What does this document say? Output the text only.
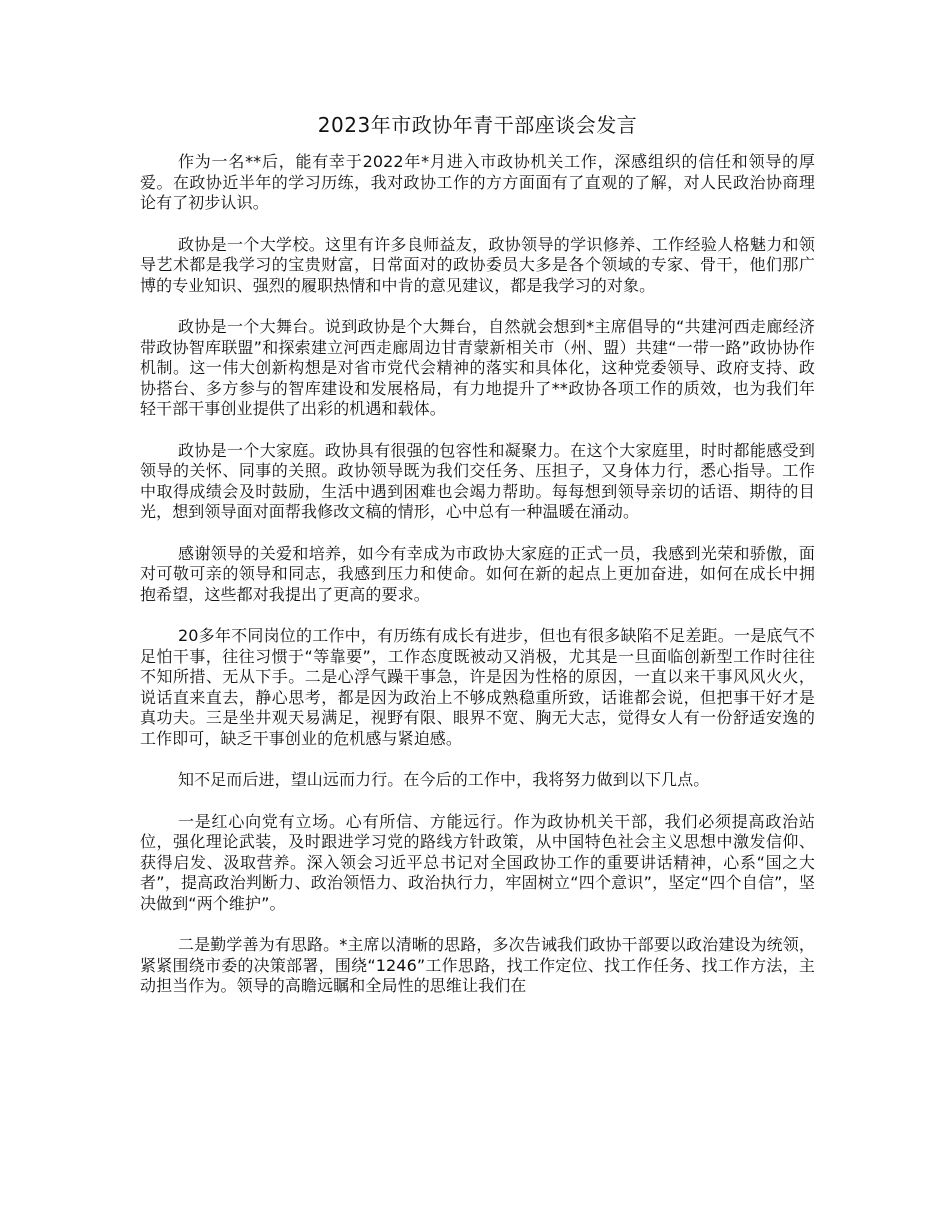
2023年市政协年青干部座谈会发言

作为一名**后，能有幸于2022年*月进入市政协机关工作，深感组织的信任和领导的厚爱。在政协近半年的学习历练，我对政协工作的方方面面有了直观的了解，对人民政治协商理论有了初步认识。

政协是一个大学校。这里有许多良师益友，政协领导的学识修养、工作经验人格魅力和领导艺术都是我学习的宝贵财富，日常面对的政协委员大多是各个领域的专家、骨干，他们那广博的专业知识、强烈的履职热情和中肯的意见建议，都是我学习的对象。

政协是一个大舞台。说到政协是个大舞台，自然就会想到*主席倡导的“共建河西走廊经济带政协智库联盟”和探索建立河西走廊周边甘青蒙新相关市（州、盟）共建“一带一路”政协协作机制。这一伟大创新构想是对省市党代会精神的落实和具体化，这种党委领导、政府支持、政协搭台、多方参与的智库建设和发展格局，有力地提升了**政协各项工作的质效，也为我们年轻干部干事创业提供了出彩的机遇和载体。

政协是一个大家庭。政协具有很强的包容性和凝聚力。在这个大家庭里，时时都能感受到领导的关怀、同事的关照。政协领导既为我们交任务、压担子，又身体力行，悉心指导。工作中取得成绩会及时鼓励，生活中遇到困难也会竭力帮助。每每想到领导亲切的话语、期待的目光，想到领导面对面帮我修改文稿的情形，心中总有一种温暖在涌动。

感谢领导的关爱和培养，如今有幸成为市政协大家庭的正式一员，我感到光荣和骄傲，面对可敬可亲的领导和同志，我感到压力和使命。如何在新的起点上更加奋进，如何在成长中拥抱希望，这些都对我提出了更高的要求。

20多年不同岗位的工作中，有历练有成长有进步，但也有很多缺陷不足差距。一是底气不足怕干事，往往习惯于“等靠要”，工作态度既被动又消极，尤其是一旦面临创新型工作时往往不知所措、无从下手。二是心浮气躁干事急，许是因为性格的原因，一直以来干事风风火火，说话直来直去，静心思考，都是因为政治上不够成熟稳重所致，话谁都会说，但把事干好才是真功夫。三是坐井观天易满足，视野有限、眼界不宽、胸无大志，觉得女人有一份舒适安逸的工作即可，缺乏干事创业的危机感与紧迫感。

知不足而后进，望山远而力行。在今后的工作中，我将努力做到以下几点。

一是红心向党有立场。心有所信、方能远行。作为政协机关干部，我们必须提高政治站位，强化理论武装，及时跟进学习党的路线方针政策，从中国特色社会主义思想中激发信仰、获得启发、汲取营养。深入领会习近平总书记对全国政协工作的重要讲话精神，心系“国之大者”，提高政治判断力、政治领悟力、政治执行力，牢固树立“四个意识”，坚定“四个自信”，坚决做到“两个维护”。

二是勤学善为有思路。*主席以清晰的思路，多次告诫我们政协干部要以政治建设为统领，紧紧围绕市委的决策部署，围绕“1246”工作思路，找工作定位、找工作任务、找工作方法，主动担当作为。领导的高瞻远瞩和全局性的思维让我们在
